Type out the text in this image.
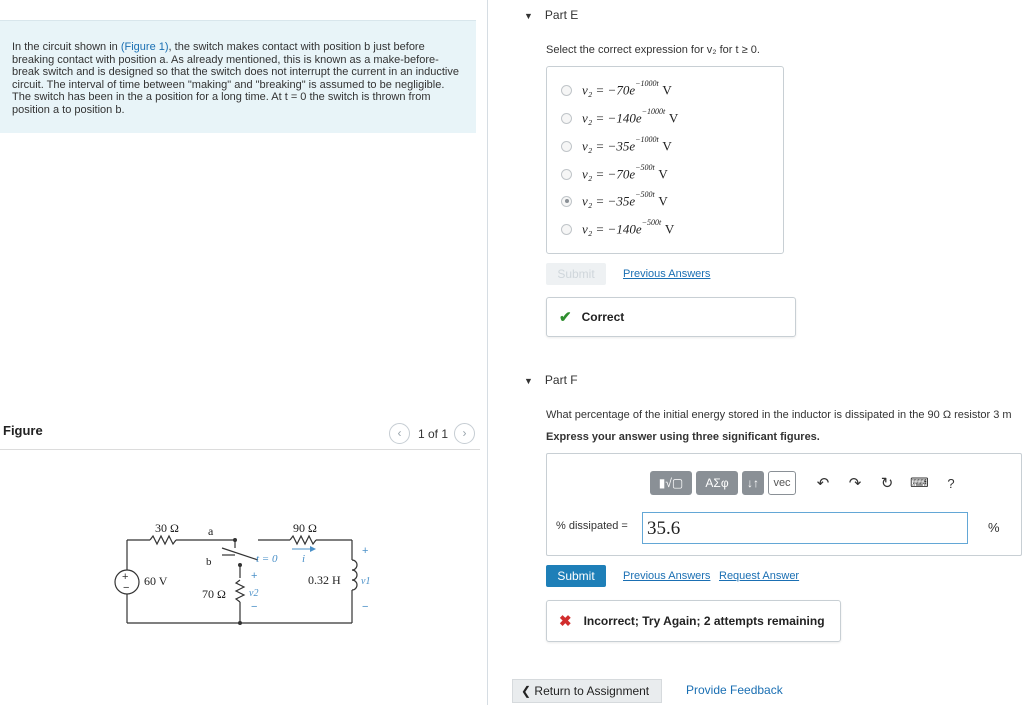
In the circuit shown in (Figure 1), the switch makes contact with position b just before breaking contact with position a. As already mentioned, this is known as a make-before-break switch and is designed so that the switch does not interrupt the current in an inductive circuit. The interval of time between "making" and "breaking" is assumed to be negligible. The switch has been in the a position for a long time. At t = 0 the switch is thrown from position a to position b.
Figure	‹	1 of 1	›
+
−
30 Ω a	90 Ω
b	t = 0 i
60 V
70 Ω
+
v2
−
0.32 H
+
v1
−
▼ Part E
Select the correct expression for v₂ for t ≥ 0.
$v_2 = -70e^{-1000t}$ V
$v_2 = -140e^{-1000t}$ V
$v_2 = -35e^{-1000t}$ V
$v_2 = -70e^{-500t}$ V
$v_2 = -35e^{-500t}$ V
$v_2 = -140e^{-500t}$ V
Submit	Previous Answers
✔ Correct
▼ Part F
What percentage of the initial energy stored in the inductor is dissipated in the 90 Ω resistor 3 m
Express your answer using three significant figures.
▮√▢	ΑΣφ	↓↑	vec	↶ ↷ ↻ ⌨	?
% dissipated = 35.6	%
Submit	Previous Answers Request Answer
✖ Incorrect; Try Again; 2 attempts remaining
❮ Return to Assignment	Provide Feedback
